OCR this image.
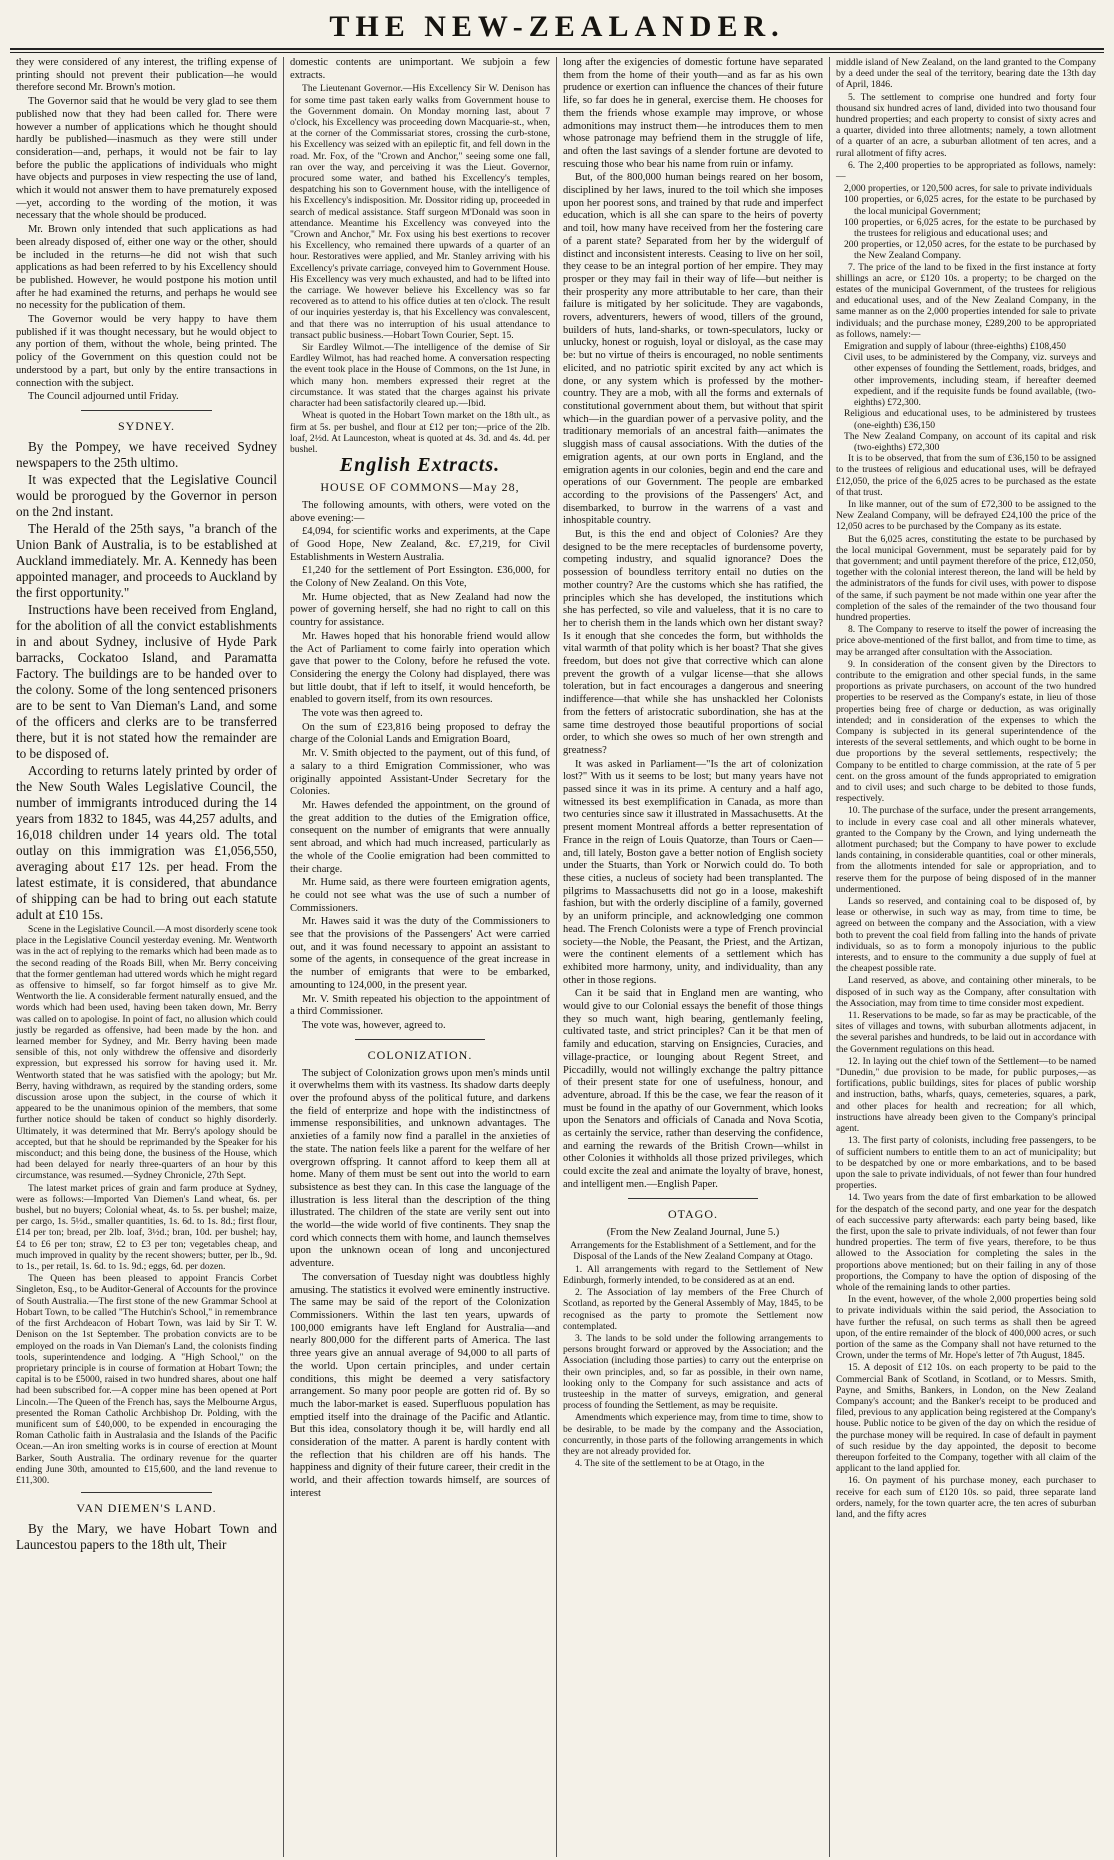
THE NEW-ZEALANDER.

they were considered of any interest, the trifling expense of printing should not prevent their publication—he would therefore second Mr. Brown's motion.

The Governor said that he would be very glad to see them published now that they had been called for. There were however a number of applications which he thought should hardly be published—inasmuch as they were still under consideration—and, perhaps, it would not be fair to lay before the public the applications of individuals who might have objects and purposes in view respecting the use of land, which it would not answer them to have prematurely exposed—yet, according to the wording of the motion, it was necessary that the whole should be produced.

Mr. Brown only intended that such applications as had been already disposed of, either one way or the other, should be included in the returns—he did not wish that such applications as had been referred to by his Excellency should be published. However, he would postpone his motion until after he had examined the returns, and perhaps he would see no necessity for the publication of them.

The Governor would be very happy to have them published if it was thought necessary, but he would object to any portion of them, without the whole, being printed. The policy of the Government on this question could not be understood by a part, but only by the entire transactions in connection with the subject.

The Council adjourned until Friday.

SYDNEY.

By the Pompey, we have received Sydney newspapers to the 25th ultimo.

It was expected that the Legislative Council would be prorogued by the Governor in person on the 2nd instant.

The Herald of the 25th says, "a branch of the Union Bank of Australia, is to be established at Auckland immediately. Mr. A. Kennedy has been appointed manager, and proceeds to Auckland by the first opportunity."

Instructions have been received from England, for the abolition of all the convict establishments in and about Sydney, inclusive of Hyde Park barracks, Cockatoo Island, and Paramatta Factory. The buildings are to be handed over to the colony. Some of the long sentenced prisoners are to be sent to Van Dieman's Land, and some of the officers and clerks are to be transferred there, but it is not stated how the remainder are to be disposed of.

According to returns lately printed by order of the New South Wales Legislative Council, the number of immigrants introduced during the 14 years from 1832 to 1845, was 44,257 adults, and 16,018 children under 14 years old. The total outlay on this immigration was £1,056,550, averaging about £17 12s. per head. From the latest estimate, it is considered, that abundance of shipping can be had to bring out each statute adult at £10 15s.

Scene in the Legislative Council.—A most disorderly scene took place in the Legislative Council yesterday evening. Mr. Wentworth was in the act of replying to the remarks which had been made as to the second reading of the Roads Bill, when Mr. Berry conceiving that the former gentleman had uttered words which he might regard as offensive to himself, so far forgot himself as to give Mr. Wentworth the lie. A considerable ferment naturally ensued, and the words which had been used, having been taken down, Mr. Berry was called on to apologise. In point of fact, no allusion which could justly be regarded as offensive, had been made by the hon. and learned member for Sydney, and Mr. Berry having been made sensible of this, not only withdrew the offensive and disorderly expression, but expressed his sorrow for having used it. Mr. Wentworth stated that he was satisfied with the apology; but Mr. Berry, having withdrawn, as required by the standing orders, some discussion arose upon the subject, in the course of which it appeared to be the unanimous opinion of the members, that some further notice should be taken of conduct so highly disorderly. Ultimately, it was determined that Mr. Berry's apology should be accepted, but that he should be reprimanded by the Speaker for his misconduct; and this being done, the business of the House, which had been delayed for nearly three-quarters of an hour by this circumstance, was resumed.—Sydney Chronicle, 27th Sept.

The latest market prices of grain and farm produce at Sydney, were as follows:—Imported Van Diemen's Land wheat, 6s. per bushel, but no buyers; Colonial wheat, 4s. to 5s. per bushel; maize, per cargo, 1s. 5½d., smaller quantities, 1s. 6d. to 1s. 8d.; first flour, £14 per ton; bread, per 2lb. loaf, 3½d.; bran, 10d. per bushel; hay, £4 to £6 per ton; straw, £2 to £3 per ton; vegetables cheap, and much improved in quality by the recent showers; butter, per lb., 9d. to 1s., per retail, 1s. 6d. to 1s. 9d.; eggs, 6d. per dozen.

The Queen has been pleased to appoint Francis Corbet Singleton, Esq., to be Auditor-General of Accounts for the province of South Australia.—The first stone of the new Grammar School at Hobart Town, to be called "The Hutchin's School," in remembrance of the first Archdeacon of Hobart Town, was laid by Sir T. W. Denison on the 1st September. The probation convicts are to be employed on the roads in Van Dieman's Land, the colonists finding tools, superintendence and lodging. A "High School," on the proprietary principle is in course of formation at Hobart Town; the capital is to be £5000, raised in two hundred shares, about one half had been subscribed for.—A copper mine has been opened at Port Lincoln.—The Queen of the French has, says the Melbourne Argus, presented the Roman Catholic Archbishop Dr. Polding, with the munificent sum of £40,000, to be expended in encouraging the Roman Catholic faith in Australasia and the Islands of the Pacific Ocean.—An iron smelting works is in course of erection at Mount Barker, South Australia. The ordinary revenue for the quarter ending June 30th, amounted to £15,600, and the land revenue to £11,300.

VAN DIEMEN'S LAND.

By the Mary, we have Hobart Town and Launcestou papers to the 18th ult, Their

domestic contents are unimportant. We subjoin a few extracts.

The Lieutenant Governor.—His Excellency Sir W. Denison has for some time past taken early walks from Government house to the Government domain. On Monday morning last, about 7 o'clock, his Excellency was proceeding down Macquarie-st., when, at the corner of the Commissariat stores, crossing the curb-stone, his Excellency was seized with an epileptic fit, and fell down in the road. Mr. Fox, of the "Crown and Anchor," seeing some one fall, ran over the way, and perceiving it was the Lieut. Governor, procured some water, and bathed his Excellency's temples, despatching his son to Government house, with the intelligence of his Excellency's indisposition. Mr. Dossitor riding up, proceeded in search of medical assistance. Staff surgeon M'Donald was soon in attendance. Meantime his Excellency was conveyed into the "Crown and Anchor," Mr. Fox using his best exertions to recover his Excellency, who remained there upwards of a quarter of an hour. Restoratives were applied, and Mr. Stanley arriving with his Excellency's private carriage, conveyed him to Government House. His Excellency was very much exhausted, and had to be lifted into the carriage. We however believe his Excellency was so far recovered as to attend to his office duties at ten o'clock. The result of our inquiries yesterday is, that his Excellency was convalescent, and that there was no interruption of his usual attendance to transact public business.—Hobart Town Courier, Sept. 15.

Sir Eardley Wilmot.—The intelligence of the demise of Sir Eardley Wilmot, has had reached home. A conversation respecting the event took place in the House of Commons, on the 1st June, in which many hon. members expressed their regret at the circumstance. It was stated that the charges against his private character had been satisfactorily cleared up.—Ibid.

Wheat is quoted in the Hobart Town market on the 18th ult., as firm at 5s. per bushel, and flour at £12 per ton;—price of the 2lb. loaf, 2½d. At Launceston, wheat is quoted at 4s. 3d. and 4s. 4d. per bushel.

English Extracts.
HOUSE OF COMMONS—May 28,

The following amounts, with others, were voted on the above evening:—

£4,094, for scientific works and experiments, at the Cape of Good Hope, New Zealand, &c. £7,219, for Civil Establishments in Western Australia.

£1,240 for the settlement of Port Essington. £36,000, for the Colony of New Zealand. On this Vote,

Mr. Hume objected, that as New Zealand had now the power of governing herself, she had no right to call on this country for assistance.

Mr. Hawes hoped that his honorable friend would allow the Act of Parliament to come fairly into operation which gave that power to the Colony, before he refused the vote. Considering the energy the Colony had displayed, there was but little doubt, that if left to itself, it would henceforth, be enabled to govern itself, from its own resources.

The vote was then agreed to.

On the sum of £23,816 being proposed to defray the charge of the Colonial Lands and Emigration Board,

Mr. V. Smith objected to the payment, out of this fund, of a salary to a third Emigration Commissioner, who was originally appointed Assistant-Under Secretary for the Colonies.

Mr. Hawes defended the appointment, on the ground of the great addition to the duties of the Emigration office, consequent on the number of emigrants that were annually sent abroad, and which had much increased, particularly as the whole of the Coolie emigration had been committed to their charge.

Mr. Hume said, as there were fourteen emigration agents, he could not see what was the use of such a number of Commissioners.

Mr. Hawes said it was the duty of the Commissioners to see that the provisions of the Passengers' Act were carried out, and it was found necessary to appoint an assistant to some of the agents, in consequence of the great increase in the number of emigrants that were to be embarked, amounting to 124,000, in the present year.

Mr. V. Smith repeated his objection to the appointment of a third Commissioner.

The vote was, however, agreed to.

COLONIZATION.

The subject of Colonization grows upon men's minds until it overwhelms them with its vastness. Its shadow darts deeply over the profound abyss of the political future, and darkens the field of enterprize and hope with the indistinctness of immense responsibilities, and unknown advantages. The anxieties of a family now find a parallel in the anxieties of the state. The nation feels like a parent for the welfare of her overgrown offspring. It cannot afford to keep them all at home. Many of them must be sent out into the world to earn subsistence as best they can. In this case the language of the illustration is less literal than the description of the thing illustrated. The children of the state are verily sent out into the world—the wide world of five continents. They snap the cord which connects them with home, and launch themselves upon the unknown ocean of long and unconjectured adventure.

The conversation of Tuesday night was doubtless highly amusing. The statistics it evolved were eminently instructive. The same may be said of the report of the Colonization Commissioners. Within the last ten years, upwards of 100,000 emigrants have left England for Australia—and nearly 800,000 for the different parts of America. The last three years give an annual average of 94,000 to all parts of the world. Upon certain principles, and under certain conditions, this might be deemed a very satisfactory arrangement. So many poor people are gotten rid of. By so much the labor-market is eased. Superfluous population has emptied itself into the drainage of the Pacific and Atlantic. But this idea, consolatory though it be, will hardly end all consideration of the matter. A parent is hardly content with the reflection that his children are off his hands. The happiness and dignity of their future career, their credit in the world, and their affection towards himself, are sources of interest

long after the exigencies of domestic fortune have separated them from the home of their youth—and as far as his own prudence or exertion can influence the chances of their future life, so far does he in general, exercise them. He chooses for them the friends whose example may improve, or whose admonitions may instruct them—he introduces them to men whose patronage may befriend them in the struggle of life, and often the last savings of a slender fortune are devoted to rescuing those who bear his name from ruin or infamy.

But, of the 800,000 human beings reared on her bosom, disciplined by her laws, inured to the toil which she imposes upon her poorest sons, and trained by that rude and imperfect education, which is all she can spare to the heirs of poverty and toil, how many have received from her the fostering care of a parent state? Separated from her by the widergulf of distinct and inconsistent interests. Ceasing to live on her soil, they cease to be an integral portion of her empire. They may prosper or they may fail in their way of life—but neither is their prosperity any more attributable to her care, than their failure is mitigated by her solicitude. They are vagabonds, rovers, adventurers, hewers of wood, tillers of the ground, builders of huts, land-sharks, or town-speculators, lucky or unlucky, honest or roguish, loyal or disloyal, as the case may be: but no virtue of theirs is encouraged, no noble sentiments elicited, and no patriotic spirit excited by any act which is done, or any system which is professed by the mother-country. They are a mob, with all the forms and externals of constitutional government about them, but without that spirit which—in the guardian power of a pervasive polity, and the traditionary memorials of an ancestral faith—animates the sluggish mass of causal associations. With the duties of the emigration agents, at our own ports in England, and the emigration agents in our colonies, begin and end the care and operations of our Government. The people are embarked according to the provisions of the Passengers' Act, and disembarked, to burrow in the warrens of a vast and inhospitable country.

But, is this the end and object of Colonies? Are they designed to be the mere receptacles of burdensome poverty, competing industry, and squalid ignorance? Does the possession of boundless territory entail no duties on the mother country? Are the customs which she has ratified, the principles which she has developed, the institutions which she has perfected, so vile and valueless, that it is no care to her to cherish them in the lands which own her distant sway? Is it enough that she concedes the form, but withholds the vital warmth of that polity which is her boast? That she gives freedom, but does not give that corrective which can alone prevent the growth of a vulgar license—that she allows toleration, but in fact encourages a dangerous and sneering indifference—that while she has unshackled her Colonists from the fetters of aristocratic subordination, she has at the same time destroyed those beautiful proportions of social order, to which she owes so much of her own strength and greatness?

It was asked in Parliament—"Is the art of colonization lost?" With us it seems to be lost; but many years have not passed since it was in its prime. A century and a half ago, witnessed its best exemplification in Canada, as more than two centuries since saw it illustrated in Massachusetts. At the present moment Montreal affords a better representation of France in the reign of Louis Quatorze, than Tours or Caen—and, till lately, Boston gave a better notion of English society under the Stuarts, than York or Norwich could do. To both these cities, a nucleus of society had been transplanted. The pilgrims to Massachusetts did not go in a loose, makeshift fashion, but with the orderly discipline of a family, governed by an uniform principle, and acknowledging one common head. The French Colonists were a type of French provincial society—the Noble, the Peasant, the Priest, and the Artizan, were the continent elements of a settlement which has exhibited more harmony, unity, and individuality, than any other in those regions.

Can it be said that in England men are wanting, who would give to our Colonial essays the benefit of those things they so much want, high bearing, gentlemanly feeling, cultivated taste, and strict principles? Can it be that men of family and education, starving on Ensigncies, Curacies, and village-practice, or lounging about Regent Street, and Piccadilly, would not willingly exchange the paltry pittance of their present state for one of usefulness, honour, and adventure, abroad. If this be the case, we fear the reason of it must be found in the apathy of our Government, which looks upon the Senators and officials of Canada and Nova Scotia, as certainly the service, rather than deserving the confidence, and earning the rewards of the British Crown—whilst in other Colonies it withholds all those prized privileges, which could excite the zeal and animate the loyalty of brave, honest, and intelligent men.—English Paper.

OTAGO.

(From the New Zealand Journal, June 5.)

Arrangements for the Establishment of a Settlement, and for the Disposal of the Lands of the New Zealand Company at Otago.

1. All arrangements with regard to the Settlement of New Edinburgh, formerly intended, to be considered as at an end.

2. The Association of lay members of the Free Church of Scotland, as reported by the General Assembly of May, 1845, to be recognised as the party to promote the Settlement now contemplated.

3. The lands to be sold under the following arrangements to persons brought forward or approved by the Association; and the Association (including those parties) to carry out the enterprise on their own principles, and, so far as possible, in their own name, looking only to the Company for such assistance and acts of trusteeship in the matter of surveys, emigration, and general process of founding the Settlement, as may be requisite.

Amendments which experience may, from time to time, show to be desirable, to be made by the company and the Association, concurrently, in those parts of the following arrangements in which they are not already provided for.

4. The site of the settlement to be at Otago, in the

middle island of New Zealand, on the land granted to the Company by a deed under the seal of the territory, bearing date the 13th day of April, 1846.

5. The settlement to comprise one hundred and forty four thousand six hundred acres of land, divided into two thousand four hundred properties; and each property to consist of sixty acres and a quarter, divided into three allotments; namely, a town allotment of a quarter of an acre, a suburban allotment of ten acres, and a rural allotment of fifty acres.

6. The 2,400 properties to be appropriated as follows, namely:—

2,000 properties, or 120,500 acres, for sale to private individuals

100 properties, or 6,025 acres, for the estate to be purchased by the local municipal Government;

100 properties, or 6,025 acres, for the estate to be purchased by the trustees for religious and educational uses; and

200 properties, or 12,050 acres, for the estate to be purchased by the New Zealand Company.

7. The price of the land to be fixed in the first instance at forty shillings an acre, or £120 10s. a property; to be charged on the estates of the municipal Government, of the trustees for religious and educational uses, and of the New Zealand Company, in the same manner as on the 2,000 properties intended for sale to private individuals; and the purchase money, £289,200 to be appropriated as follows, namely:—

Emigration and supply of labour (three-eighths) £108,450

Civil uses, to be administered by the Company, viz. surveys and other expenses of founding the Settlement, roads, bridges, and other improvements, including steam, if hereafter deemed expedient, and if the requisite funds be found available, (two-eighths) £72,300.

Religious and educational uses, to be administered by trustees (one-eighth) £36,150

The New Zealand Company, on account of its capital and risk (two-eighths) £72,300

It is to be observed, that from the sum of £36,150 to be assigned to the trustees of religious and educational uses, will be defrayed £12,050, the price of the 6,025 acres to be purchased as the estate of that trust.

In like manner, out of the sum of £72,300 to be assigned to the New Zealand Company, will be defrayed £24,100 the price of the 12,050 acres to be purchased by the Company as its estate.

But the 6,025 acres, constituting the estate to be purchased by the local municipal Government, must be separately paid for by that government; and until payment therefore of the price, £12,050, together with the colonial interest thereon, the land will be held by the administrators of the funds for civil uses, with power to dispose of the same, if such payment be not made within one year after the completion of the sales of the remainder of the two thousand four hundred properties.

8. The Company to reserve to itself the power of increasing the price above-mentioned of the first ballot, and from time to time, as may be arranged after consultation with the Association.

9. In consideration of the consent given by the Directors to contribute to the emigration and other special funds, in the same proportions as private purchasers, on account of the two hundred properties to be reserved as the Company's estate, in lieu of those properties being free of charge or deduction, as was originally intended; and in consideration of the expenses to which the Company is subjected in its general superintendence of the interests of the several settlements, and which ought to be borne in due proportions by the several settlements, respectively; the Company to be entitled to charge commission, at the rate of 5 per cent. on the gross amount of the funds appropriated to emigration and to civil uses; and such charge to be debited to those funds, respectively.

10. The purchase of the surface, under the present arrangements, to include in every case coal and all other minerals whatever, granted to the Company by the Crown, and lying underneath the allotment purchased; but the Company to have power to exclude lands containing, in considerable quantities, coal or other minerals, from the allotments intended for sale or appropriation, and to reserve them for the purpose of being disposed of in the manner undermentioned.

Lands so reserved, and containing coal to be disposed of, by lease or otherwise, in such way as may, from time to time, be agreed on between the company and the Association, with a view both to prevent the coal field from falling into the hands of private individuals, so as to form a monopoly injurious to the public interests, and to ensure to the community a due supply of fuel at the cheapest possible rate.

Land reserved, as above, and containing other minerals, to be disposed of in such way as the Company, after consultation with the Association, may from time to time consider most expedient.

11. Reservations to be made, so far as may be practicable, of the sites of villages and towns, with suburban allotments adjacent, in the several parishes and hundreds, to be laid out in accordance with the Government regulations on this head.

12. In laying out the chief town of the Settlement—to be named "Dunedin," due provision to be made, for public purposes,—as fortifications, public buildings, sites for places of public worship and instruction, baths, wharfs, quays, cemeteries, squares, a park, and other places for health and recreation; for all which, instructions have already been given to the Company's principal agent.

13. The first party of colonists, including free passengers, to be of sufficient numbers to entitle them to an act of municipality; but to be despatched by one or more embarkations, and to be based upon the sale to private individuals, of not fewer than four hundred properties.

14. Two years from the date of first embarkation to be allowed for the despatch of the second party, and one year for the despatch of each successive party afterwards: each party being based, like the first, upon the sale to private individuals, of not fewer than four hundred properties. The term of five years, therefore, to be thus allowed to the Association for completing the sales in the proportions above mentioned; but on their failing in any of those proportions, the Company to have the option of disposing of the whole of the remaining lands to other parties.

In the event, however, of the whole 2,000 properties being sold to private individuals within the said period, the Association to have further the refusal, on such terms as shall then be agreed upon, of the entire remainder of the block of 400,000 acres, or such portion of the same as the Company shall not have returned to the Crown, under the terms of Mr. Hope's letter of 7th August, 1845.

15. A deposit of £12 10s. on each property to be paid to the Commercial Bank of Scotland, in Scotland, or to Messrs. Smith, Payne, and Smiths, Bankers, in London, on the New Zealand Company's account; and the Banker's receipt to be produced and filed, previous to any application being registered at the Company's house. Public notice to be given of the day on which the residue of the purchase money will be required. In case of default in payment of such residue by the day appointed, the deposit to become thereupon forfeited to the Company, together with all claim of the applicant to the land applied for.

16. On payment of his purchase money, each purchaser to receive for each sum of £120 10s. so paid, three separate land orders, namely, for the town quarter acre, the ten acres of suburban land, and the fifty acres
